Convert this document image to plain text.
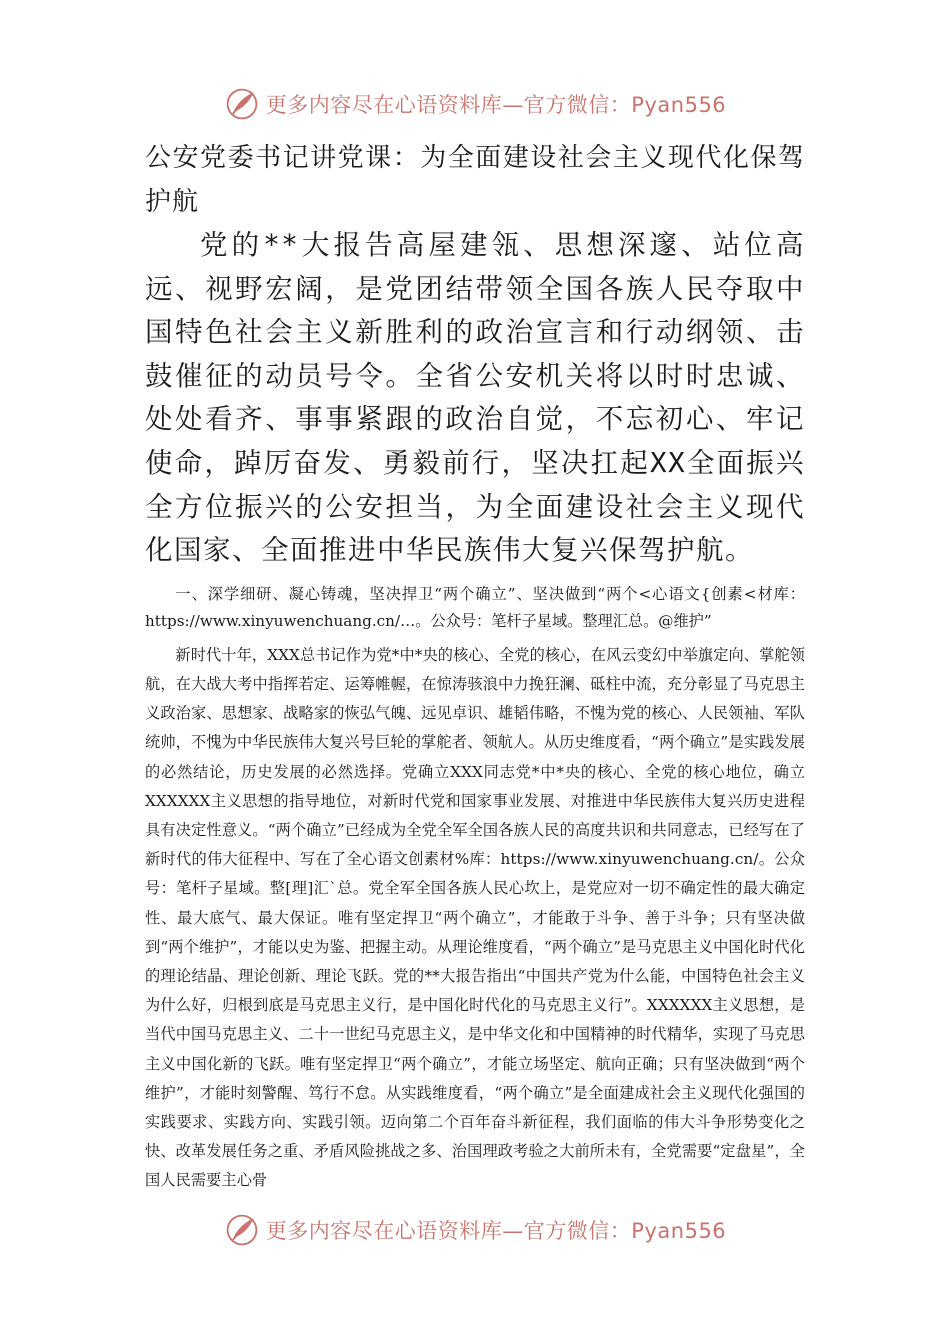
更多内容尽在心语资料库—官方微信：Pyan556
公安党委书记讲党课：为全面建设社会主义现代化保驾护航

党的**大报告高屋建瓴、思想深邃、站位高远、视野宏阔，是党团结带领全国各族人民夺取中国特色社会主义新胜利的政治宣言和行动纲领、击鼓催征的动员号令。全省公安机关将以时时忠诚、处处看齐、事事紧跟的政治自觉，不忘初心、牢记使命，踔厉奋发、勇毅前行，坚决扛起XX全面振兴全方位振兴的公安担当，为全面建设社会主义现代化国家、全面推进中华民族伟大复兴保驾护航。

一、深学细研、凝心铸魂，坚决捍卫“两个确立”、坚决做到“两个<心语文{创素<材库：https://www.xinyuwenchuang.cn/…。公众号：笔杆子星域。整理汇总。@维护”

新时代十年，XXX总书记作为党*中*央的核心、全党的核心，在风云变幻中举旗定向、掌舵领航，在大战大考中指挥若定、运筹帷幄，在惊涛骇浪中力挽狂澜、砥柱中流，充分彰显了马克思主义政治家、思想家、战略家的恢弘气魄、远见卓识、雄韬伟略，不愧为党的核心、人民领袖、军队统帅，不愧为中华民族伟大复兴号巨轮的掌舵者、领航人。从历史维度看，“两个确立”是实践发展的必然结论，历史发展的必然选择。党确立XXX同志党*中*央的核心、全党的核心地位，确立XXXXXX主义思想的指导地位，对新时代党和国家事业发展、对推进中华民族伟大复兴历史进程具有决定性意义。“两个确立”已经成为全党全军全国各族人民的高度共识和共同意志，已经写在了新时代的伟大征程中、写在了全心语文创素材%库：https://www.xinyuwenchuang.cn/。公众号：笔杆子星域。整[理]汇`总。党全军全国各族人民心坎上，是党应对一切不确定性的最大确定性、最大底气、最大保证。唯有坚定捍卫“两个确立”，才能敢于斗争、善于斗争；只有坚决做到“两个维护”，才能以史为鉴、把握主动。从理论维度看，“两个确立”是马克思主义中国化时代化的理论结晶、理论创新、理论飞跃。党的**大报告指出“中国共产党为什么能，中国特色社会主义为什么好，归根到底是马克思主义行，是中国化时代化的马克思主义行”。XXXXXX主义思想，是当代中国马克思主义、二十一世纪马克思主义，是中华文化和中国精神的时代精华，实现了马克思主义中国化新的飞跃。唯有坚定捍卫“两个确立”，才能立场坚定、航向正确；只有坚决做到“两个维护”，才能时刻警醒、笃行不怠。从实践维度看，“两个确立”是全面建成社会主义现代化强国的实践要求、实践方向、实践引领。迈向第二个百年奋斗新征程，我们面临的伟大斗争形势变化之快、改革发展任务之重、矛盾风险挑战之多、治国理政考验之大前所未有，全党需要“定盘星”，全国人民需要主心骨

更多内容尽在心语资料库—官方微信：Pyan556
